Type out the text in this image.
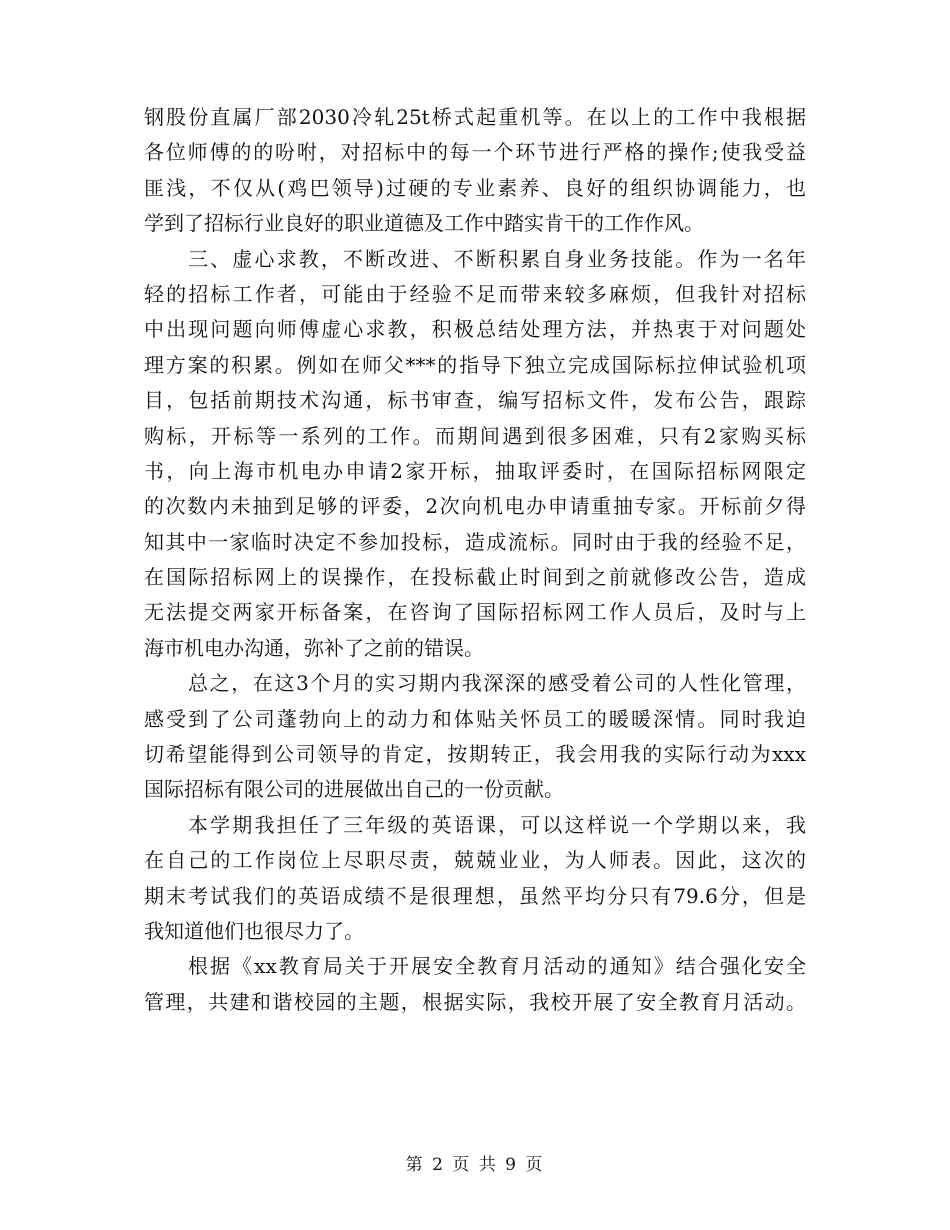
钢股份直属厂部2030冷轧25t桥式起重机等。在以上的工作中我根据
各位师傅的的吩咐，对招标中的每一个环节进行严格的操作;使我受益
匪浅，不仅从(鸡巴领导)过硬的专业素养、良好的组织协调能力，也
学到了招标行业良好的职业道德及工作中踏实肯干的工作作风。
三、虚心求教，不断改进、不断积累自身业务技能。作为一名年
轻的招标工作者，可能由于经验不足而带来较多麻烦，但我针对招标
中出现问题向师傅虚心求教，积极总结处理方法，并热衷于对问题处
理方案的积累。例如在师父***的指导下独立完成国际标拉伸试验机项
目，包括前期技术沟通，标书审查，编写招标文件，发布公告，跟踪
购标，开标等一系列的工作。而期间遇到很多困难，只有2家购买标
书，向上海市机电办申请2家开标，抽取评委时，在国际招标网限定
的次数内未抽到足够的评委，2次向机电办申请重抽专家。开标前夕得
知其中一家临时决定不参加投标，造成流标。同时由于我的经验不足，
在国际招标网上的误操作，在投标截止时间到之前就修改公告，造成
无法提交两家开标备案，在咨询了国际招标网工作人员后，及时与上
海市机电办沟通，弥补了之前的错误。
总之，在这3个月的实习期内我深深的感受着公司的人性化管理，
感受到了公司蓬勃向上的动力和体贴关怀员工的暖暖深情。同时我迫
切希望能得到公司领导的肯定，按期转正，我会用我的实际行动为xxx
国际招标有限公司的进展做出自己的一份贡献。
本学期我担任了三年级的英语课，可以这样说一个学期以来，我
在自己的工作岗位上尽职尽责，兢兢业业，为人师表。因此，这次的
期末考试我们的英语成绩不是很理想，虽然平均分只有79.6分，但是
我知道他们也很尽力了。
根据《xx教育局关于开展安全教育月活动的通知》结合强化安全
管理，共建和谐校园的主题，根据实际，我校开展了安全教育月活动。
第 2 页 共 9 页
